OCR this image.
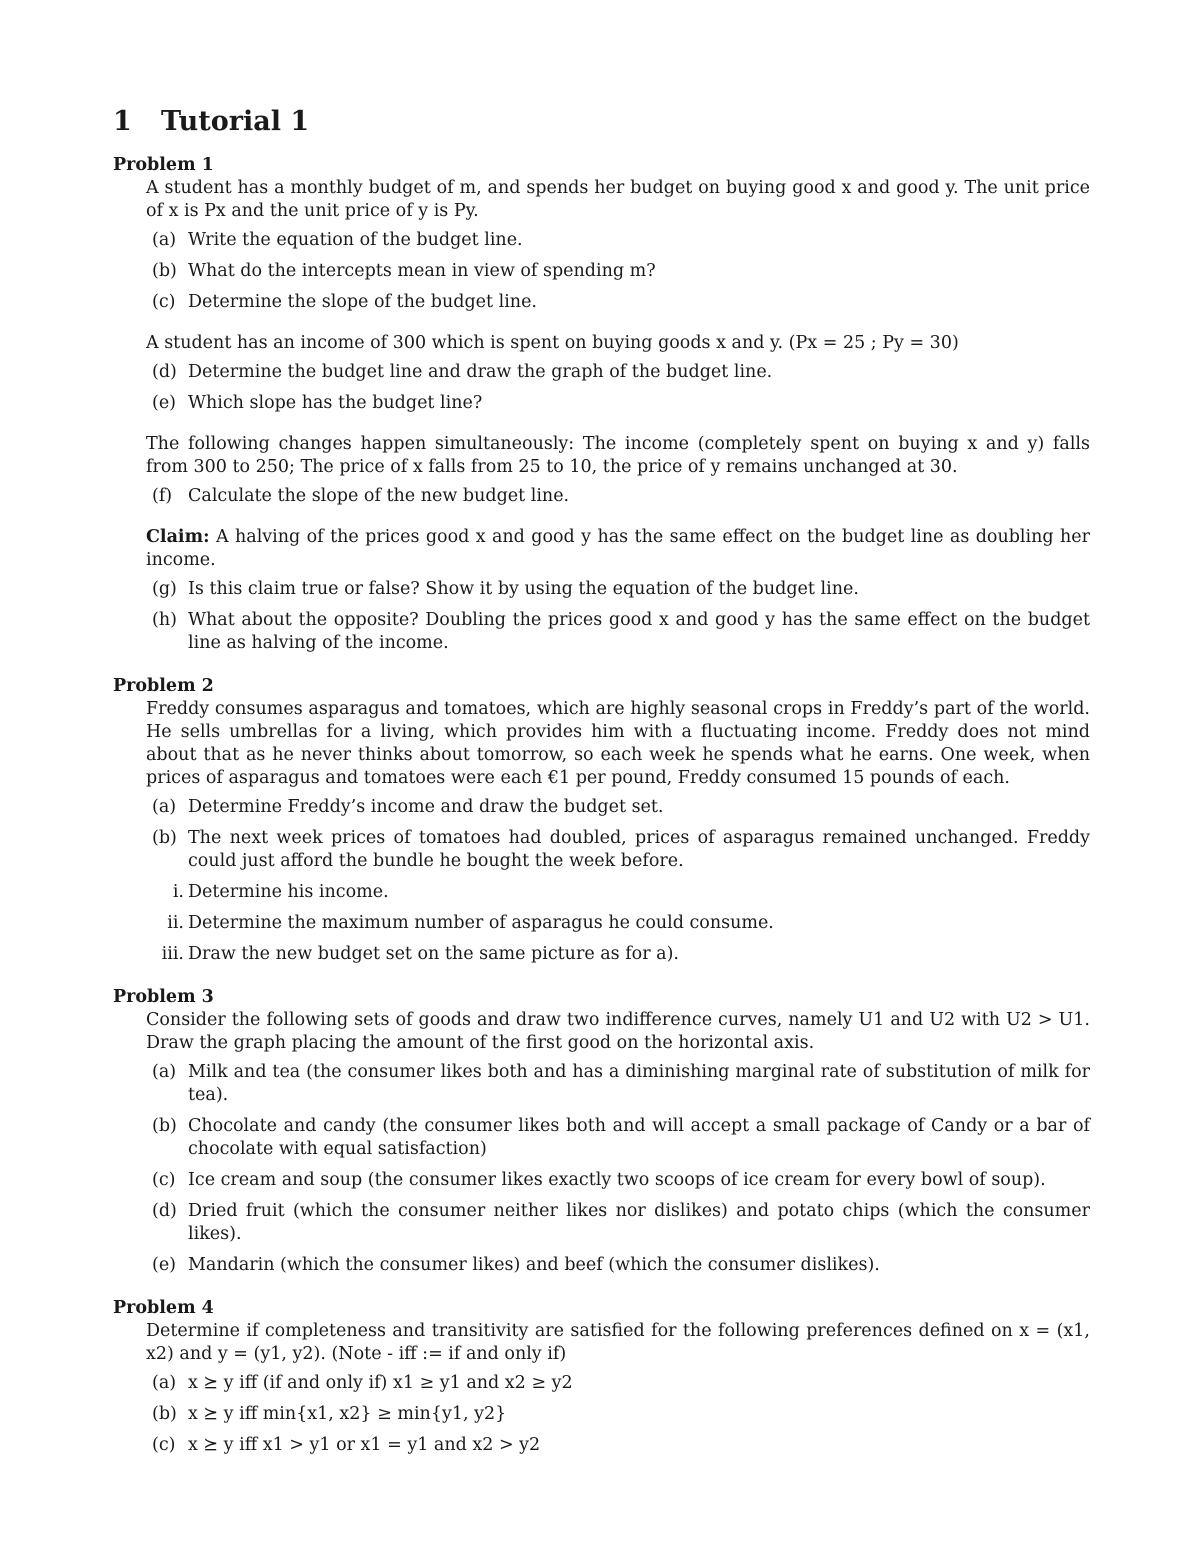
1 Tutorial 1
Problem 1

A student has a monthly budget of m, and spends her budget on buying good x and good y. The unit price of x is Px and the unit price of y is Py.

(a) Write the equation of the budget line.
(b) What do the intercepts mean in view of spending m?
(c) Determine the slope of the budget line.

A student has an income of 300 which is spent on buying goods x and y. (Px = 25 ; Py = 30)

(d) Determine the budget line and draw the graph of the budget line.
(e) Which slope has the budget line?

The following changes happen simultaneously: The income (completely spent on buying x and y) falls from 300 to 250; The price of x falls from 25 to 10, the price of y remains unchanged at 30.

(f) Calculate the slope of the new budget line.

Claim: A halving of the prices good x and good y has the same effect on the budget line as doubling her income.

(g) Is this claim true or false? Show it by using the equation of the budget line.
(h) What about the opposite? Doubling the prices good x and good y has the same effect on the budget line as halving of the income.
Problem 2

Freddy consumes asparagus and tomatoes, which are highly seasonal crops in Freddy’s part of the world. He sells umbrellas for a living, which provides him with a fluctuating income. Freddy does not mind about that as he never thinks about tomorrow, so each week he spends what he earns. One week, when prices of asparagus and tomatoes were each €1 per pound, Freddy consumed 15 pounds of each.

(a) Determine Freddy’s income and draw the budget set.
(b) The next week prices of tomatoes had doubled, prices of asparagus remained unchanged. Freddy could just afford the bundle he bought the week before.
i. Determine his income.
ii. Determine the maximum number of asparagus he could consume.
iii. Draw the new budget set on the same picture as for a).
Problem 3

Consider the following sets of goods and draw two indifference curves, namely U1 and U2 with U2 > U1. Draw the graph placing the amount of the first good on the horizontal axis.

(a) Milk and tea (the consumer likes both and has a diminishing marginal rate of substitution of milk for tea).
(b) Chocolate and candy (the consumer likes both and will accept a small package of Candy or a bar of chocolate with equal satisfaction)
(c) Ice cream and soup (the consumer likes exactly two scoops of ice cream for every bowl of soup).
(d) Dried fruit (which the consumer neither likes nor dislikes) and potato chips (which the consumer likes).
(e) Mandarin (which the consumer likes) and beef (which the consumer dislikes).
Problem 4

Determine if completeness and transitivity are satisfied for the following preferences defined on x = (x1, x2) and y = (y1, y2). (Note - iff := if and only if)

(a) x ⪰ y iff (if and only if) x1 ≥ y1 and x2 ≥ y2
(b) x ⪰ y iff min{x1, x2} ≥ min{y1, y2}
(c) x ⪰ y iff x1 > y1 or x1 = y1 and x2 > y2
